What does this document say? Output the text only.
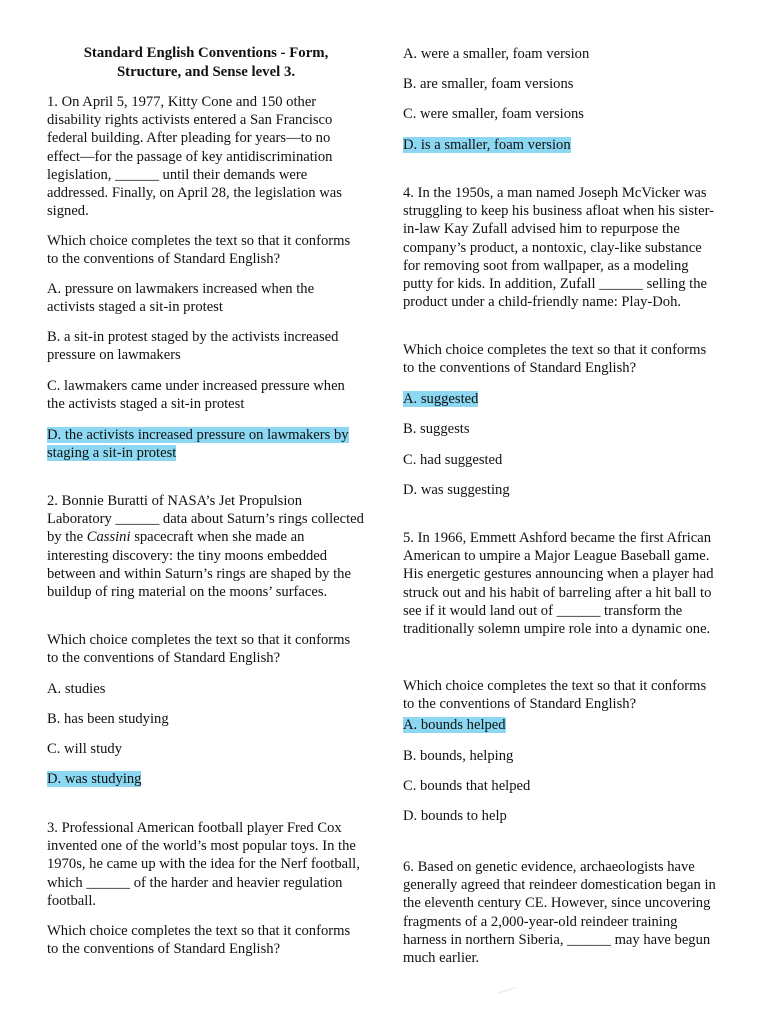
Standard English Conventions - Form,
Structure, and Sense level 3.

1. On April 5, 1977, Kitty Cone and 150 other disability rights activists entered a San Francisco federal building. After pleading for years—to no effect—for the passage of key antidiscrimination legislation, ______ until their demands were addressed. Finally, on April 28, the legislation was signed.

Which choice completes the text so that it conforms to the conventions of Standard English?

A. pressure on lawmakers increased when the activists staged a sit-in protest

B. a sit-in protest staged by the activists increased pressure on lawmakers

C. lawmakers came under increased pressure when the activists staged a sit-in protest

D. the activists increased pressure on lawmakers by staging a sit-in protest

2. Bonnie Buratti of NASA’s Jet Propulsion Laboratory ______ data about Saturn’s rings collected by the Cassini spacecraft when she made an interesting discovery: the tiny moons embedded between and within Saturn’s rings are shaped by the buildup of ring material on the moons’ surfaces.

Which choice completes the text so that it conforms to the conventions of Standard English?

A. studies

B. has been studying

C. will study

D. was studying

3. Professional American football player Fred Cox invented one of the world’s most popular toys. In the 1970s, he came up with the idea for the Nerf football, which ______ of the harder and heavier regulation football.

Which choice completes the text so that it conforms to the conventions of Standard English?

A. were a smaller, foam version

B. are smaller, foam versions

C. were smaller, foam versions

D. is a smaller, foam version

4. In the 1950s, a man named Joseph McVicker was struggling to keep his business afloat when his sister-in-law Kay Zufall advised him to repurpose the company’s product, a nontoxic, clay-like substance for removing soot from wallpaper, as a modeling putty for kids. In addition, Zufall ______ selling the product under a child-friendly name: Play-Doh.

Which choice completes the text so that it conforms to the conventions of Standard English?

A. suggested

B. suggests

C. had suggested

D. was suggesting

5. In 1966, Emmett Ashford became the first African American to umpire a Major League Baseball game. His energetic gestures announcing when a player had struck out and his habit of barreling after a hit ball to see if it would land out of ______ transform the traditionally solemn umpire role into a dynamic one.

Which choice completes the text so that it conforms to the conventions of Standard English?

A. bounds helped

B. bounds, helping

C. bounds that helped

D. bounds to help

6. Based on genetic evidence, archaeologists have generally agreed that reindeer domestication began in the eleventh century CE. However, since uncovering fragments of a 2,000-year-old reindeer training harness in northern Siberia, ______ may have begun much earlier.
